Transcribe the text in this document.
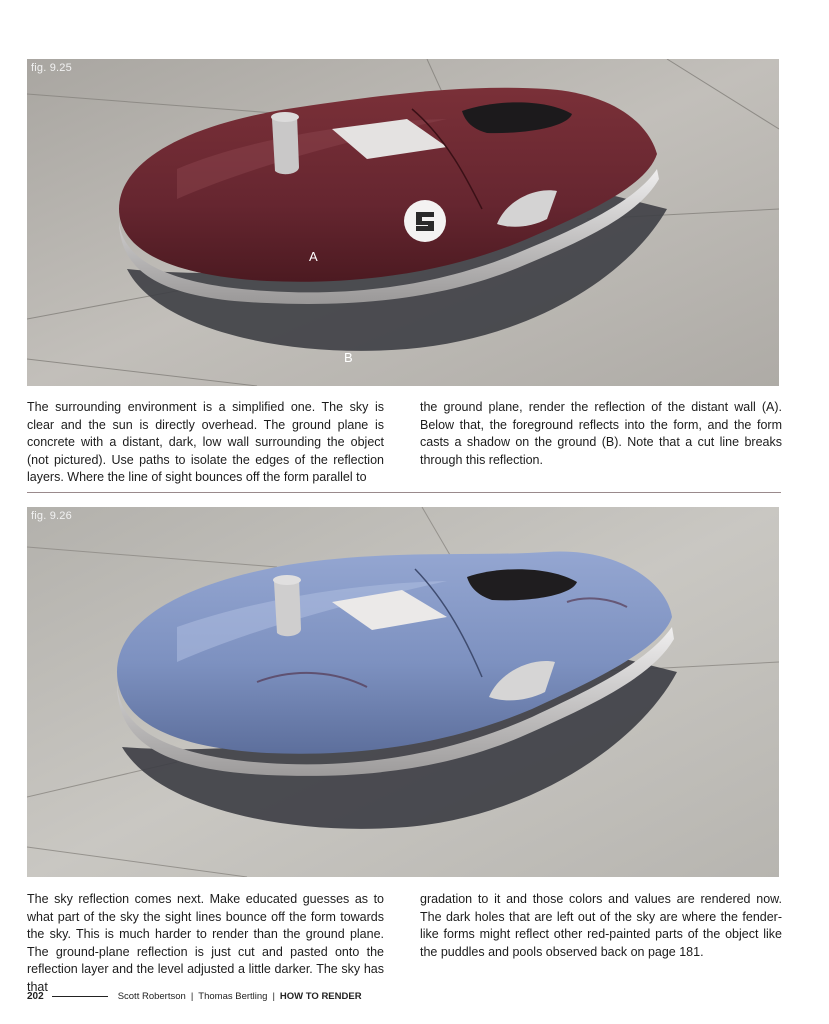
fig. 9.25
A
B

The surrounding environment is a simplified one. The sky is clear and the sun is directly overhead. The ground plane is concrete with a distant, dark, low wall surrounding the object (not pictured). Use paths to isolate the edges of the reflection layers. Where the line of sight bounces off the form parallel to

the ground plane, render the reflection of the distant wall (A). Below that, the foreground reflects into the form, and the form casts a shadow on the ground (B). Note that a cut line breaks through this reflection.

fig. 9.26

The sky reflection comes next. Make educated guesses as to what part of the sky the sight lines bounce off the form towards the sky. This is much harder to render than the ground plane. The ground-plane reflection is just cut and pasted onto the reflection layer and the level adjusted a little darker. The sky has that

gradation to it and those colors and values are rendered now. The dark holes that are left out of the sky are where the fender-like forms might reflect other red-painted parts of the object like the puddles and pools observed back on page 181.

202	Scott Robertson | Thomas Bertling | HOW TO RENDER
